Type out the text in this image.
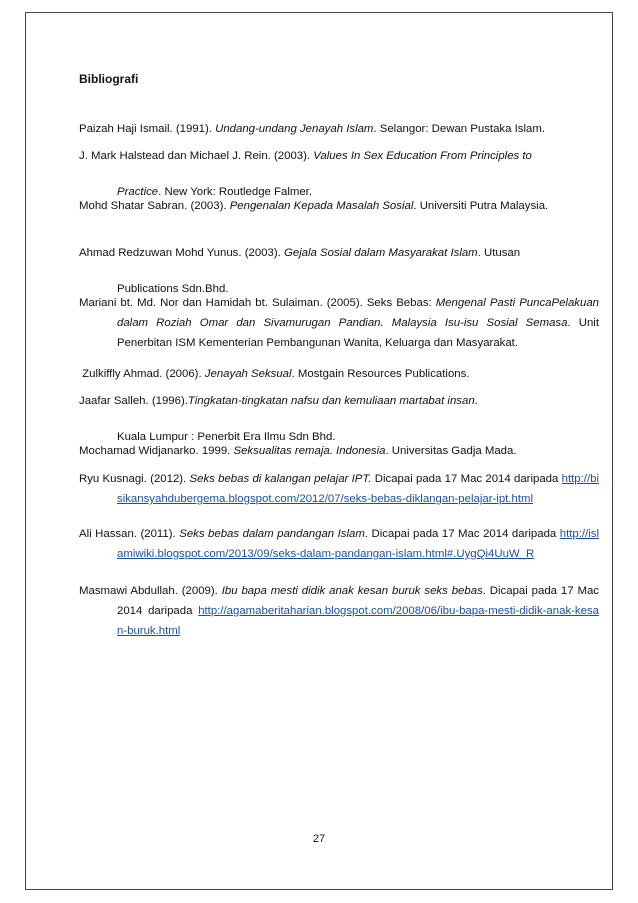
Bibliografi
Paizah Haji Ismail. (1991). Undang-undang Jenayah Islam. Selangor: Dewan Pustaka Islam.
J. Mark Halstead dan Michael J. Rein. (2003). Values In Sex Education From Principles to
Practice. New York: Routledge Falmer.
Mohd Shatar Sabran. (2003). Pengenalan Kepada Masalah Sosial. Universiti Putra Malaysia.
Ahmad Redzuwan Mohd Yunus. (2003). Gejala Sosial dalam Masyarakat Islam. Utusan
Publications Sdn.Bhd.
Mariani bt. Md. Nor dan Hamidah bt. Sulaiman. (2005). Seks Bebas: Mengenal Pasti PuncaPelakuan dalam Roziah Omar dan Sivamurugan Pandian. Malaysia Isu-isu Sosial Semasa. Unit Penerbitan ISM Kementerian Pembangunan Wanita, Keluarga dan Masyarakat.
Zulkiffly Ahmad. (2006). Jenayah Seksual. Mostgain Resources Publications.
Jaafar Salleh. (1996).Tingkatan-tingkatan nafsu dan kemuliaan martabat insan.
Kuala Lumpur : Penerbit Era Ilmu Sdn Bhd.
Mochamad Widjanarko. 1999. Seksualitas remaja. Indonesia. Universitas Gadja Mada.
Ryu Kusnagi. (2012). Seks bebas di kalangan pelajar IPT. Dicapai pada 17 Mac 2014 daripada http://bisikansyahdubergema.blogspot.com/2012/07/seks-bebas-diklangan-pelajar-ipt.html
Ali Hassan. (2011). Seks bebas dalam pandangan Islam. Dicapai pada 17 Mac 2014 daripada http://islamiwiki.blogspot.com/2013/09/seks-dalam-pandangan-islam.html#.UygQi4UuW_R
Masmawi Abdullah. (2009). Ibu bapa mesti didik anak kesan buruk seks bebas. Dicapai pada 17 Mac 2014 daripada http://agamaberitaharian.blogspot.com/2008/06/ibu-bapa-mesti-didik-anak-kesan-buruk.html
27
